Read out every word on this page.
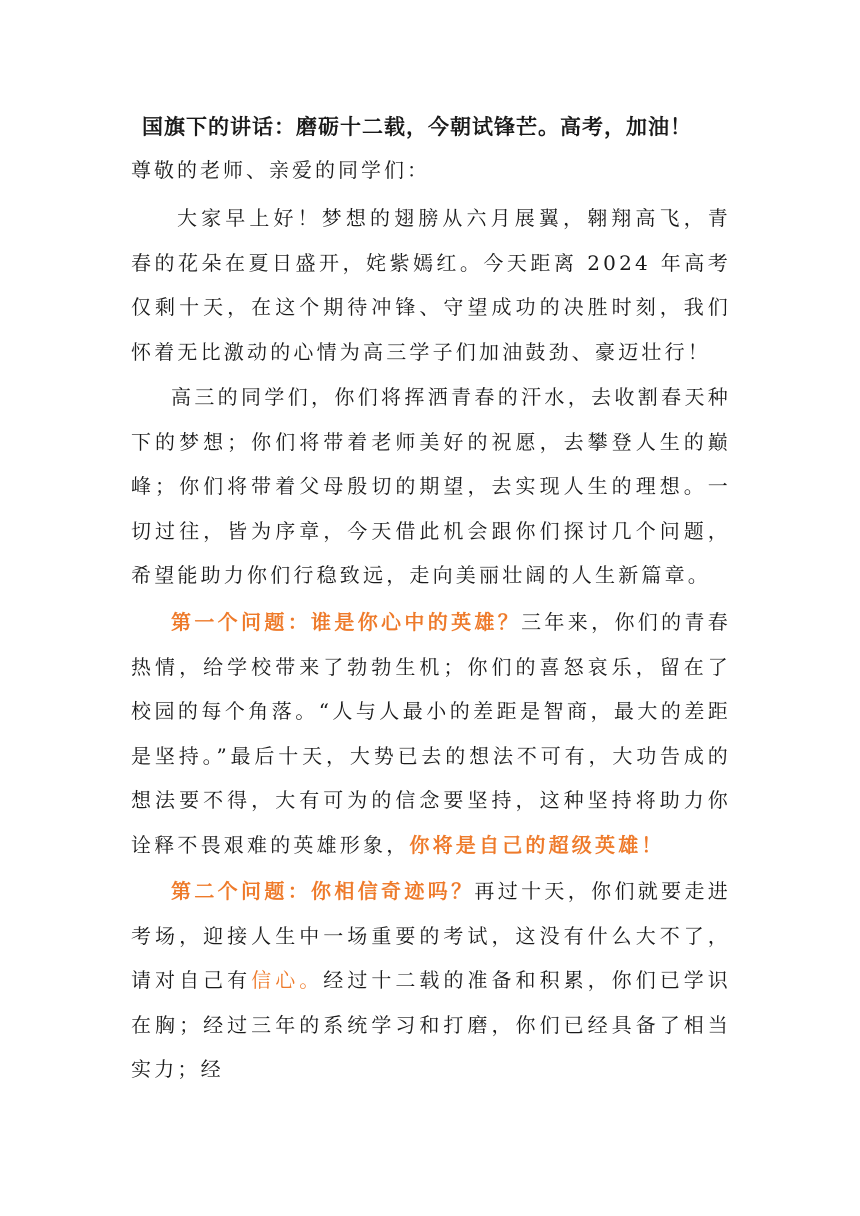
国旗下的讲话：磨砺十二载，今朝试锋芒。高考，加油！
尊敬的老师、亲爱的同学们：

大家早上好！梦想的翅膀从六月展翼，翱翔高飞，青春的花朵在夏日盛开，姹紫嫣红。今天距离 2024 年高考仅剩十天，在这个期待冲锋、守望成功的决胜时刻，我们怀着无比激动的心情为高三学子们加油鼓劲、豪迈壮行！

高三的同学们，你们将挥洒青春的汗水，去收割春天种下的梦想；你们将带着老师美好的祝愿，去攀登人生的巅峰；你们将带着父母殷切的期望，去实现人生的理想。一切过往，皆为序章，今天借此机会跟你们探讨几个问题，希望能助力你们行稳致远，走向美丽壮阔的人生新篇章。

第一个问题：谁是你心中的英雄？三年来，你们的青春热情，给学校带来了勃勃生机；你们的喜怒哀乐，留在了校园的每个角落。“人与人最小的差距是智商，最大的差距是坚持。”最后十天，大势已去的想法不可有，大功告成的想法要不得，大有可为的信念要坚持，这种坚持将助力你诠释不畏艰难的英雄形象，你将是自己的超级英雄！

第二个问题：你相信奇迹吗？再过十天，你们就要走进考场，迎接人生中一场重要的考试，这没有什么大不了，请对自己有信心。经过十二载的准备和积累，你们已学识在胸；经过三年的系统学习和打磨，你们已经具备了相当实力；经
